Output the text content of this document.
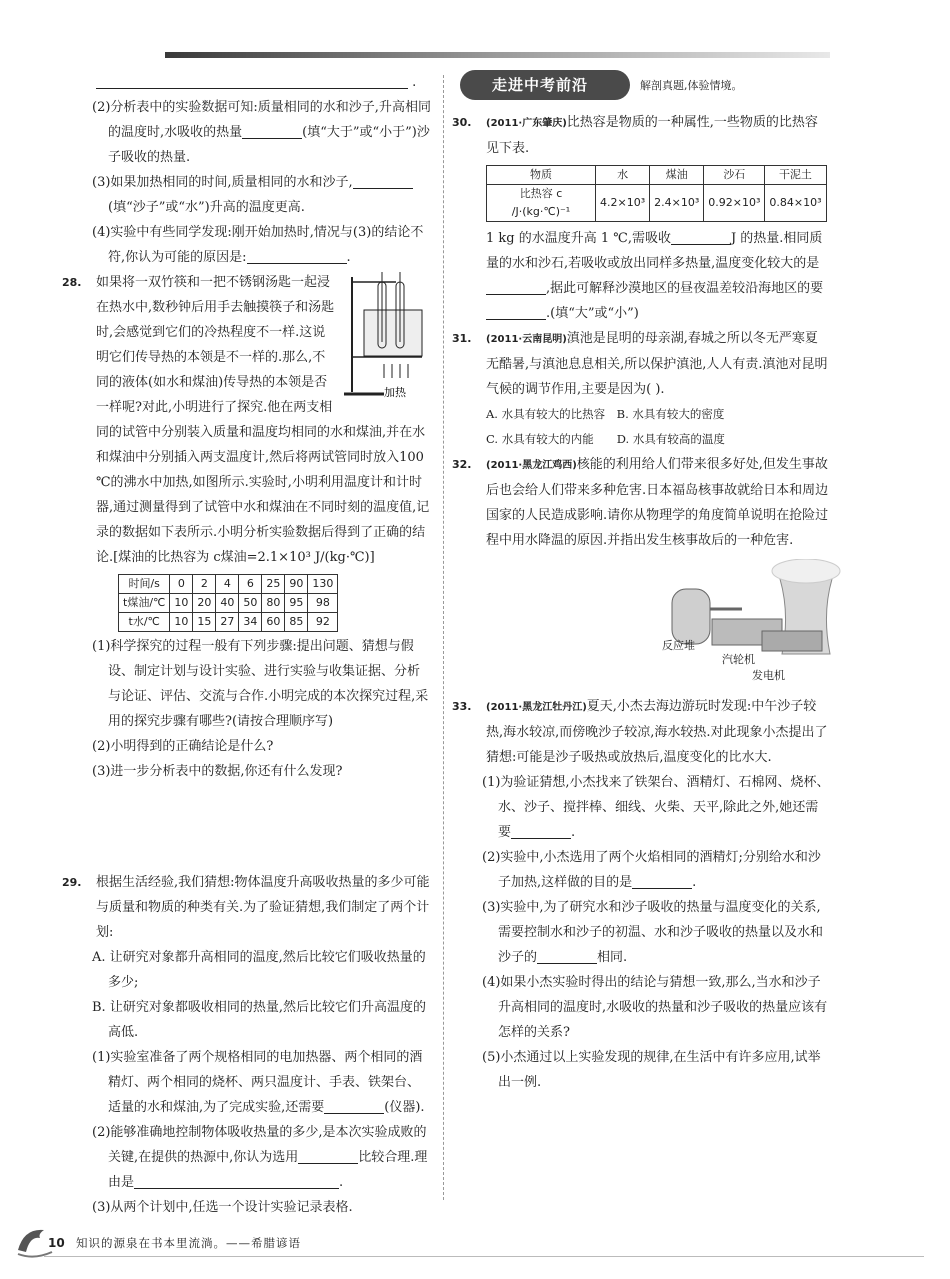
.

(2)分析表中的实验数据可知:质量相同的水和沙子,升高相同的温度时,水吸收的热量	(填“大于”或“小于”)沙子吸收的热量.

(3)如果加热相同的时间,质量相同的水和沙子,(填“沙子”或“水”)升高的温度更高.

(4)实验中有些同学发现:刚开始加热时,情况与(3)的结论不符,你认为可能的原因是:	.

28.
加热

如果将一双竹筷和一把不锈钢汤匙一起浸在热水中,数秒钟后用手去触摸筷子和汤匙时,会感觉到它们的冷热程度不一样.这说明它们传导热的本领是不一样的.那么,不同的液体(如水和煤油)传导热的本领是否一样呢?对此,小明进行了探究.他在两支相同的试管中分别装入质量和温度均相同的水和煤油,并在水和煤油中分别插入两支温度计,然后将两试管同时放入100 ℃的沸水中加热,如图所示.实验时,小明利用温度计和计时器,通过测量得到了试管中水和煤油在不同时刻的温度值,记录的数据如下表所示.小明分析实验数据后得到了正确的结论.[煤油的比热容为 c煤油=2.1×10³ J/(kg·℃)]

时间/s	0	2	4	6	25	90	130
t煤油/℃	10	20	40	50	80	95	98
t水/℃	10	15	27	34	60	85	92

(1)科学探究的过程一般有下列步骤:提出问题、猜想与假设、制定计划与设计实验、进行实验与收集证据、分析与论证、评估、交流与合作.小明完成的本次探究过程,采用的探究步骤有哪些?(请按合理顺序写)

(2)小明得到的正确结论是什么?

(3)进一步分析表中的数据,你还有什么发现?

29. 根据生活经验,我们猜想:物体温度升高吸收热量的多少可能与质量和物质的种类有关.为了验证猜想,我们制定了两个计划:

A. 让研究对象都升高相同的温度,然后比较它们吸收热量的多少;

B. 让研究对象都吸收相同的热量,然后比较它们升高温度的高低.

(1)实验室准备了两个规格相同的电加热器、两个相同的酒精灯、两个相同的烧杯、两只温度计、手表、铁架台、适量的水和煤油,为了完成实验,还需要	(仪器).

(2)能够准确地控制物体吸收热量的多少,是本次实验成败的关键,在提供的热源中,你认为选用	比较合理.理由是	.

(3)从两个计划中,任选一个设计实验记录表格.

走进中考前沿	解剖真题,体验情境。
30. (2011·广东肇庆)比热容是物质的一种属性,一些物质的比热容见下表.

物质	水	煤油	沙石	干泥土
比热容 c /J·(kg·℃)⁻¹	4.2×10³	2.4×10³	0.92×10³	0.84×10³

1 kg 的水温度升高 1 ℃,需吸收	J 的热量.相同质量的水和沙石,若吸收或放出同样多热量,温度变化较大的是,据此可解释沙漠地区的昼夜温差较沿海地区的要.(填“大”或“小”)

31. (2011·云南昆明)滇池是昆明的母亲湖,春城之所以冬无严寒夏无酷暑,与滇池息息相关,所以保护滇池,人人有责.滇池对昆明气候的调节作用,主要是因为( ).

A. 水具有较大的比热容　 B. 水具有较大的密度

C. 水具有较大的内能　　 D. 水具有较高的温度

32. (2011·黑龙江鸡西)核能的利用给人们带来很多好处,但发生事故后也会给人们带来多种危害.日本福岛核事故就给日本和周边国家的人民造成影响.请你从物理学的角度简单说明在抢险过程中用水降温的原因.并指出发生核事故后的一种危害.

反应堆
汽轮机
发电机
33. (2011·黑龙江牡丹江)夏天,小杰去海边游玩时发现:中午沙子较热,海水较凉,而傍晚沙子较凉,海水较热.对此现象小杰提出了猜想:可能是沙子吸热或放热后,温度变化的比水大.

(1)为验证猜想,小杰找来了铁架台、酒精灯、石棉网、烧杯、水、沙子、搅拌棒、细线、火柴、天平,除此之外,她还需要	.

(2)实验中,小杰选用了两个火焰相同的酒精灯;分别给水和沙子加热,这样做的目的是	.

(3)实验中,为了研究水和沙子吸收的热量与温度变化的关系,需要控制水和沙子的初温、水和沙子吸收的热量以及水和沙子的	相同.

(4)如果小杰实验时得出的结论与猜想一致,那么,当水和沙子升高相同的温度时,水吸收的热量和沙子吸收的热量应该有怎样的关系?

(5)小杰通过以上实验发现的规律,在生活中有许多应用,试举出一例.

10 知识的源泉在书本里流淌。——希腊谚语
